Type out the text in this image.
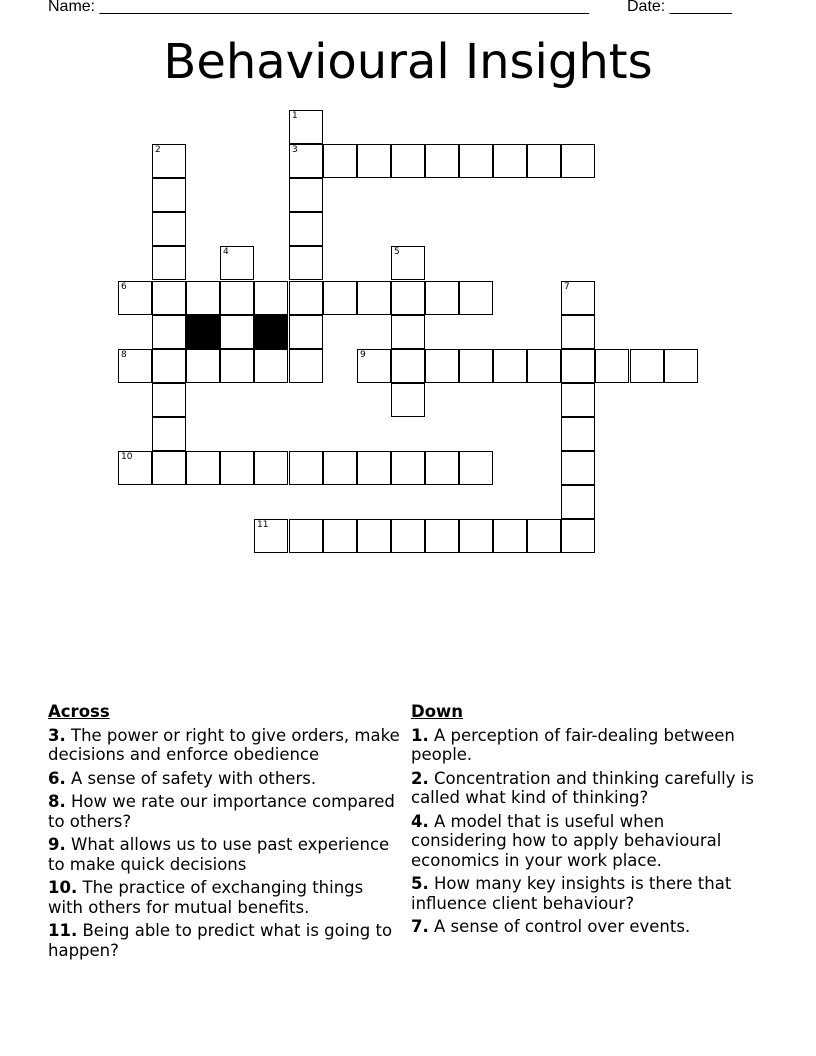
Name: _______________________________________________________ Date: _______
Behavioural Insights
1
3
2
4	5
6	7
8	9
10
11
Across
3. The power or right to give orders, make decisions and enforce obedience
6. A sense of safety with others.
8. How we rate our importance compared to others?
9. What allows us to use past experience to make quick decisions
10. The practice of exchanging things with others for mutual benefits.
11. Being able to predict what is going to happen?
Down
1. A perception of fair-dealing between people.
2. Concentration and thinking carefully is called what kind of thinking?
4. A model that is useful when considering how to apply behavioural economics in your work place.
5. How many key insights is there that influence client behaviour?
7. A sense of control over events.
